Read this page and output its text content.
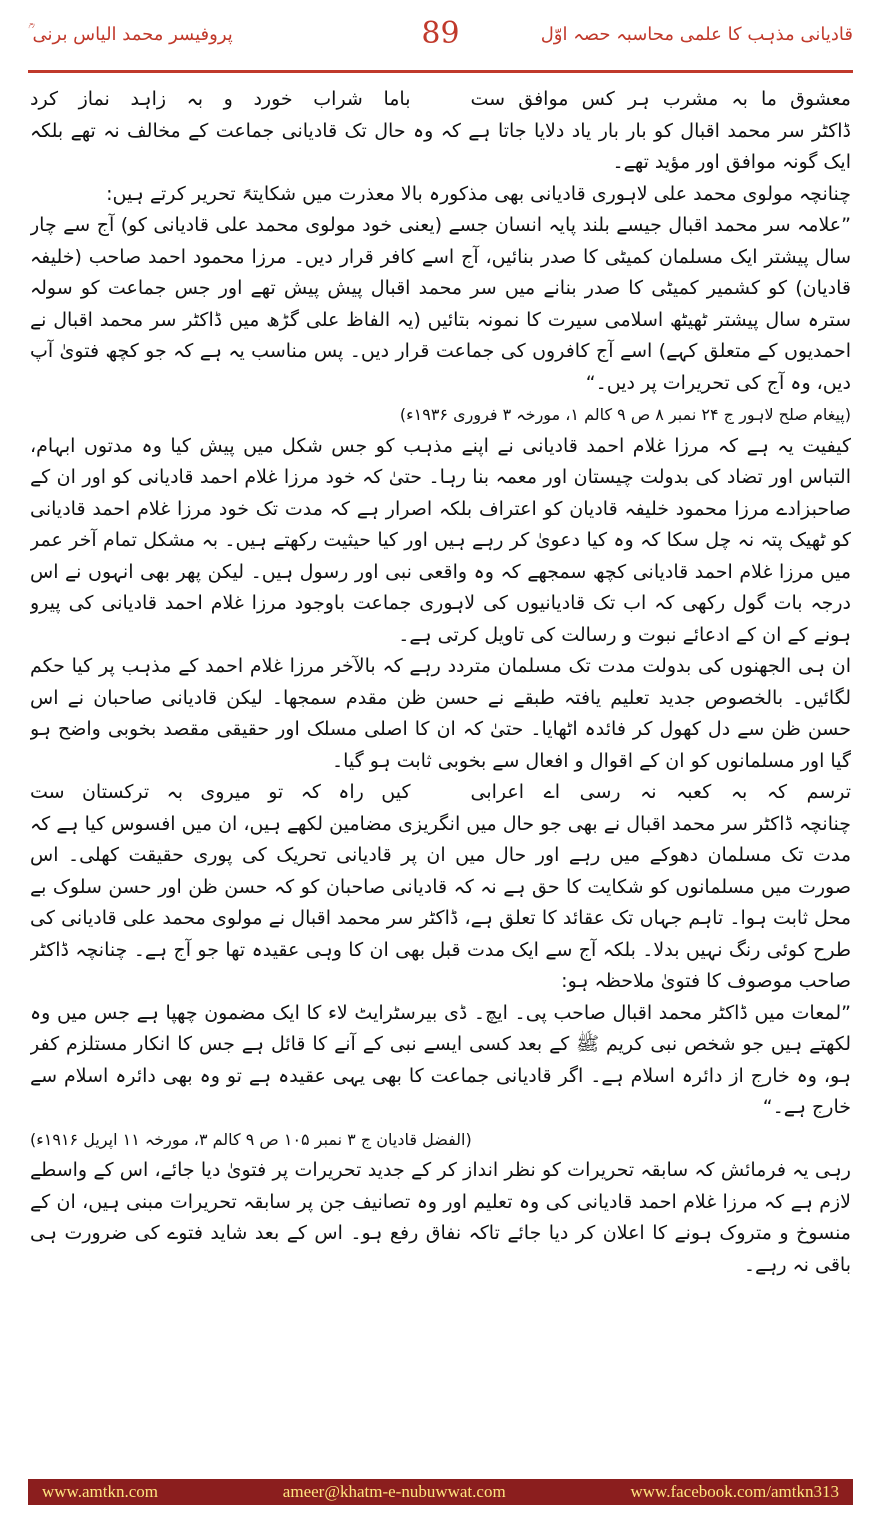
قادیانی مذہب کا علمی محاسبہ حصہ اوّل
89
پروفیسر محمد الیاس برنی ؒ

معشوق ما بہ مشرب ہر کس موافق ست
باما شراب خورد و بہ زاہد نماز کرد

ڈاکٹر سر محمد اقبال کو بار بار یاد دلایا جاتا ہے کہ وہ حال تک قادیانی جماعت کے مخالف نہ تھے بلکہ ایک گونہ موافق اور مؤید تھے۔

چنانچہ مولوی محمد علی لاہوری قادیانی بھی مذکورہ بالا معذرت میں شکایتہً تحریر کرتے ہیں:

”علامہ سر محمد اقبال جیسے بلند پایہ انسان جسے (یعنی خود مولوی محمد علی قادیانی کو) آج سے چار سال پیشتر ایک مسلمان کمیٹی کا صدر بنائیں، آج اسے کافر قرار دیں۔ مرزا محمود احمد صاحب (خلیفہ قادیان) کو کشمیر کمیٹی کا صدر بنانے میں سر محمد اقبال پیش پیش تھے اور جس جماعت کو سولہ سترہ سال پیشتر ٹھیٹھ اسلامی سیرت کا نمونہ بتائیں (یہ الفاظ علی گڑھ میں ڈاکٹر سر محمد اقبال نے احمدیوں کے متعلق کہے) اسے آج کافروں کی جماعت قرار دیں۔ پس مناسب یہ ہے کہ جو کچھ فتویٰ آپ دیں، وہ آج کی تحریرات پر دیں۔“

(پیغام صلح لاہور ج ۲۴ نمبر ۸ ص ۹ کالم ۱، مورخہ ۳ فروری ۱۹۳۶ء)

کیفیت یہ ہے کہ مرزا غلام احمد قادیانی نے اپنے مذہب کو جس شکل میں پیش کیا وہ مدتوں ابہام، التباس اور تضاد کی بدولت چیستان اور معمہ بنا رہا۔ حتیٰ کہ خود مرزا غلام احمد قادیانی کو اور ان کے صاحبزادے مرزا محمود خلیفہ قادیان کو اعتراف بلکہ اصرار ہے کہ مدت تک خود مرزا غلام احمد قادیانی کو ٹھیک پتہ نہ چل سکا کہ وہ کیا دعویٰ کر رہے ہیں اور کیا حیثیت رکھتے ہیں۔ بہ مشکل تمام آخر عمر میں مرزا غلام احمد قادیانی کچھ سمجھے کہ وہ واقعی نبی اور رسول ہیں۔ لیکن پھر بھی انہوں نے اس درجہ بات گول رکھی کہ اب تک قادیانیوں کی لاہوری جماعت باوجود مرزا غلام احمد قادیانی کی پیرو ہونے کے ان کے ادعائے نبوت و رسالت کی تاویل کرتی ہے۔

ان ہی الجھنوں کی بدولت مدت تک مسلمان متردد رہے کہ بالآخر مرزا غلام احمد کے مذہب پر کیا حکم لگائیں۔ بالخصوص جدید تعلیم یافتہ طبقے نے حسن ظن مقدم سمجھا۔ لیکن قادیانی صاحبان نے اس حسن ظن سے دل کھول کر فائدہ اٹھایا۔ حتیٰ کہ ان کا اصلی مسلک اور حقیقی مقصد بخوبی واضح ہو گیا اور مسلمانوں کو ان کے اقوال و افعال سے بخوبی ثابت ہو گیا۔

ترسم کہ بہ کعبہ نہ رسی اے اعرابی
کیں راہ کہ تو میروی بہ ترکستان ست

چنانچہ ڈاکٹر سر محمد اقبال نے بھی جو حال میں انگریزی مضامین لکھے ہیں، ان میں افسوس کیا ہے کہ مدت تک مسلمان دھوکے میں رہے اور حال میں ان پر قادیانی تحریک کی پوری حقیقت کھلی۔ اس صورت میں مسلمانوں کو شکایت کا حق ہے نہ کہ قادیانی صاحبان کو کہ حسن ظن اور حسن سلوک بے محل ثابت ہوا۔ تاہم جہاں تک عقائد کا تعلق ہے، ڈاکٹر سر محمد اقبال نے مولوی محمد علی قادیانی کی طرح کوئی رنگ نہیں بدلا۔ بلکہ آج سے ایک مدت قبل بھی ان کا وہی عقیدہ تھا جو آج ہے۔ چنانچہ ڈاکٹر صاحب موصوف کا فتویٰ ملاحظہ ہو:

”لمعات میں ڈاکٹر محمد اقبال صاحب پی۔ ایچ۔ ڈی بیرسٹرایٹ لاء کا ایک مضمون چھپا ہے جس میں وہ لکھتے ہیں جو شخص نبی کریم ﷺ کے بعد کسی ایسے نبی کے آنے کا قائل ہے جس کا انکار مستلزم کفر ہو، وہ خارج از دائرہ اسلام ہے۔ اگر قادیانی جماعت کا بھی یہی عقیدہ ہے تو وہ بھی دائرہ اسلام سے خارج ہے۔“

(الفضل قادیان ج ۳ نمبر ۱۰۵ ص ۹ کالم ۳، مورخہ ۱۱ اپریل ۱۹۱۶ء)

رہی یہ فرمائش کہ سابقہ تحریرات کو نظر انداز کر کے جدید تحریرات پر فتویٰ دیا جائے، اس کے واسطے لازم ہے کہ مرزا غلام احمد قادیانی کی وہ تعلیم اور وہ تصانیف جن پر سابقہ تحریرات مبنی ہیں، ان کے منسوخ و متروک ہونے کا اعلان کر دیا جائے تاکہ نفاق رفع ہو۔ اس کے بعد شاید فتوے کی ضرورت ہی باقی نہ رہے۔

www.amtkn.com	ameer@khatm-e-nubuwwat.com	www.facebook.com/amtkn313
